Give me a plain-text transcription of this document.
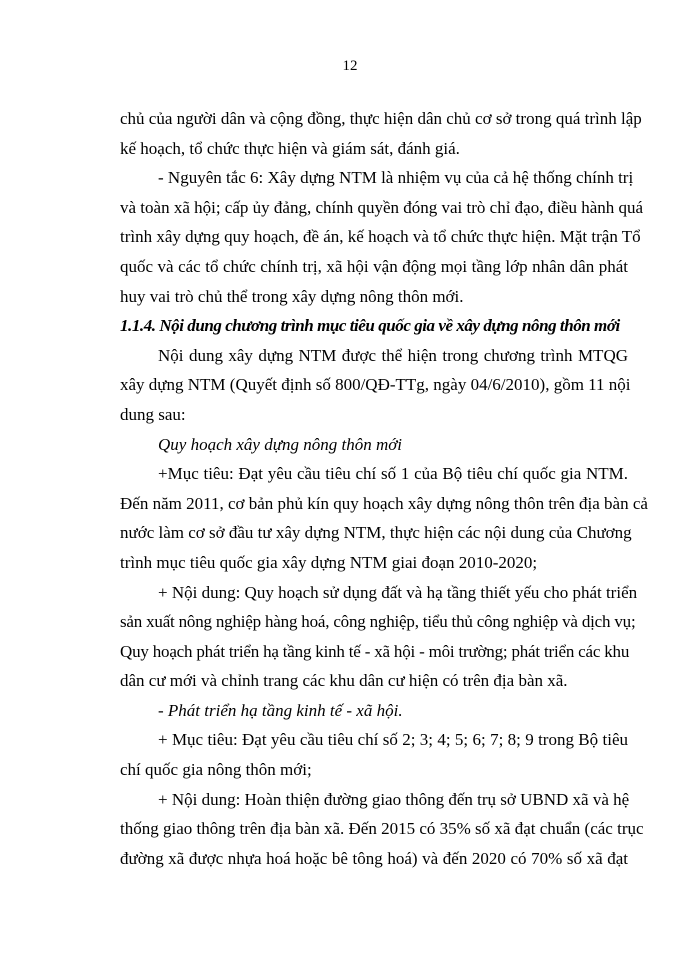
12

chủ của người dân và cộng đồng, thực hiện dân chủ cơ sở trong quá trình lập
kế hoạch, tổ chức thực hiện và giám sát, đánh giá.

- Nguyên tắc 6: Xây dựng NTM là nhiệm vụ của cả hệ thống chính trị
và toàn xã hội; cấp ủy đảng, chính quyền đóng vai trò chỉ đạo, điều hành quá
trình xây dựng quy hoạch, đề án, kế hoạch và tổ chức thực hiện. Mặt trận Tổ
quốc và các tổ chức chính trị, xã hội vận động mọi tầng lớp nhân dân phát
huy vai trò chủ thể trong xây dựng nông thôn mới.

1.1.4. Nội dung chương trình mục tiêu quốc gia về xây dựng nông thôn mới

Nội dung xây dựng NTM được thể hiện trong chương trình MTQG
xây dựng NTM (Quyết định số 800/QĐ-TTg, ngày 04/6/2010), gồm 11 nội
dung sau:

Quy hoạch xây dựng nông thôn mới

+Mục tiêu: Đạt yêu cầu tiêu chí số 1 của Bộ tiêu chí quốc gia NTM.
Đến năm 2011, cơ bản phủ kín quy hoạch xây dựng nông thôn trên địa bàn cả
nước làm cơ sở đầu tư xây dựng NTM, thực hiện các nội dung của Chương
trình mục tiêu quốc gia xây dựng NTM giai đoạn 2010-2020;

+ Nội dung: Quy hoạch sử dụng đất và hạ tầng thiết yếu cho phát triển
sản xuất nông nghiệp hàng hoá, công nghiệp, tiểu thủ công nghiệp và dịch vụ;
Quy hoạch phát triển hạ tầng kinh tế - xã hội - môi trường; phát triển các khu
dân cư mới và chỉnh trang các khu dân cư hiện có trên địa bàn xã.

- Phát triển hạ tầng kinh tế - xã hội.

+ Mục tiêu: Đạt yêu cầu tiêu chí số 2; 3; 4; 5; 6; 7; 8; 9 trong Bộ tiêu
chí quốc gia nông thôn mới;

+ Nội dung: Hoàn thiện đường giao thông đến trụ sở UBND xã và hệ
thống giao thông trên địa bàn xã. Đến 2015 có 35% số xã đạt chuẩn (các trục
đường xã được nhựa hoá hoặc bê tông hoá) và đến 2020 có 70% số xã đạt
